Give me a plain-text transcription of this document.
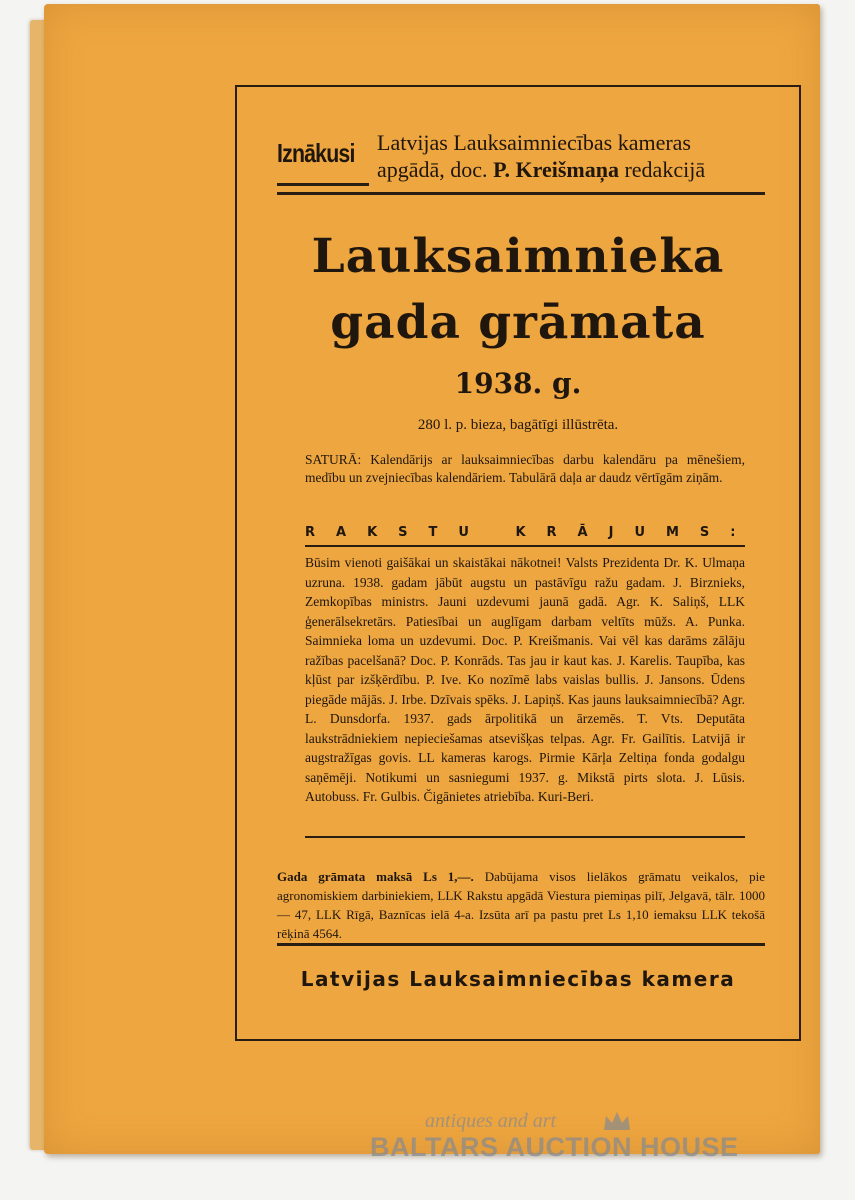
Iznākusi Latvijas Lauksaimniecības kameras
apgādā, doc. P. Kreišmaņa redakcijā
Lauksaimnieka
gada grāmata
1938. g.
280 l. p. bieza, bagātīgi illūstrēta.
SATURĀ: Kalendārijs ar lauksaimniecības darbu kalendāru pa mēnešiem, medību un zvejniecības kalendāriem. Tabulārā daļa ar daudz vērtīgām ziņām.
RAKSTU KRĀJUMS:
Būsim vienoti gaišākai un skaistākai nākotnei! Valsts Prezidenta Dr. K. Ulmaņa uzruna. 1938. gadam jābūt augstu un pastāvīgu ražu gadam. J. Birznieks, Zemkopības ministrs. Jauni uzdevumi jaunā gadā. Agr. K. Saliņš, LLK ģenerālsekretārs. Patiesībai un auglīgam darbam veltīts mūžs. A. Punka. Saimnieka loma un uzdevumi. Doc. P. Kreišmanis. Vai vēl kas darāms zālāju ražības pacelšanā? Doc. P. Konrāds. Tas jau ir kaut kas. J. Karelis. Taupība, kas kļūst par izšķērdību. P. Ive. Ko nozīmē labs vaislas bullis. J. Jansons. Ūdens piegāde mājās. J. Irbe. Dzīvais spēks. J. Lapiņš. Kas jauns lauksaimniecībā? Agr. L. Dunsdorfa. 1937. gads ārpolitikā un ārzemēs. T. Vts. Deputāta laukstrādniekiem nepieciešamas atsevišķas telpas. Agr. Fr. Gailītis. Latvijā ir augstražīgas govis. LL kameras karogs. Pirmie Kārļa Zeltiņa fonda godalgu saņēmēji. Notikumi un sasniegumi 1937. g. Mikstā pirts slota. J. Lūsis. Autobuss. Fr. Gulbis. Čigānietes atriebība. Kuri-Beri.
Gada grāmata maksā Ls 1,—. Dabūjama visos lielākos grāmatu veikalos, pie agronomiskiem darbiniekiem, LLK Rakstu apgādā Viestura piemiņas pilī, Jelgavā, tālr. 1000 — 47, LLK Rīgā, Baznīcas ielā 4-a. Izsūta arī pa pastu pret Ls 1,10 iemaksu LLK tekošā rēķinā 4564.
Latvijas Lauksaimniecības kamera
antiques and art
BALTARS AUCTION HOUSE
